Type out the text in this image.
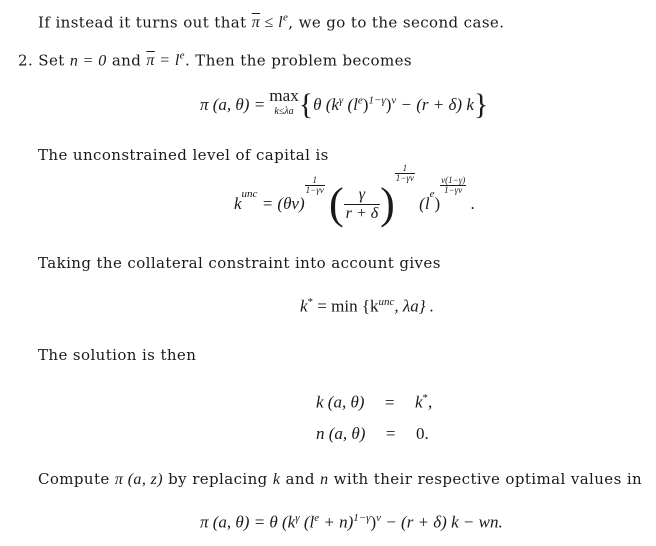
If instead it turns out that $\overline{\pi} \le l^e$, we go to the second case.
2. Set n = 0 and $\overline{\pi} = l^e$. Then the problem becomes
π (a, θ) = max
k≤λa {θ ($k^\gamma$ $(l^e)^{1-\gamma})^v - (r + \delta)$ k}
The unconstrained level of capital is
$k^{unc} = (\theta v)$
$\frac{1}{1-\gamma v}$ ( $\frac{\gamma}{r + \delta}$ )
$\frac{1}{1-\gamma v}$
$(l^e)$
$\frac{v(1-\gamma)}{1-\gamma v}$
.
Taking the collateral constraint into account gives
$k^* = \min \{k^{unc}$, λa} .
The solution is then
k (a, θ) = k*,
n (a, θ) = 0.
Compute π (a, z) by replacing k and n with their respective optimal values in
π (a, θ) = θ ($k^\gamma$ $(l^e + n)^{1-\gamma})^v - (r + \delta)$ k − wn.
